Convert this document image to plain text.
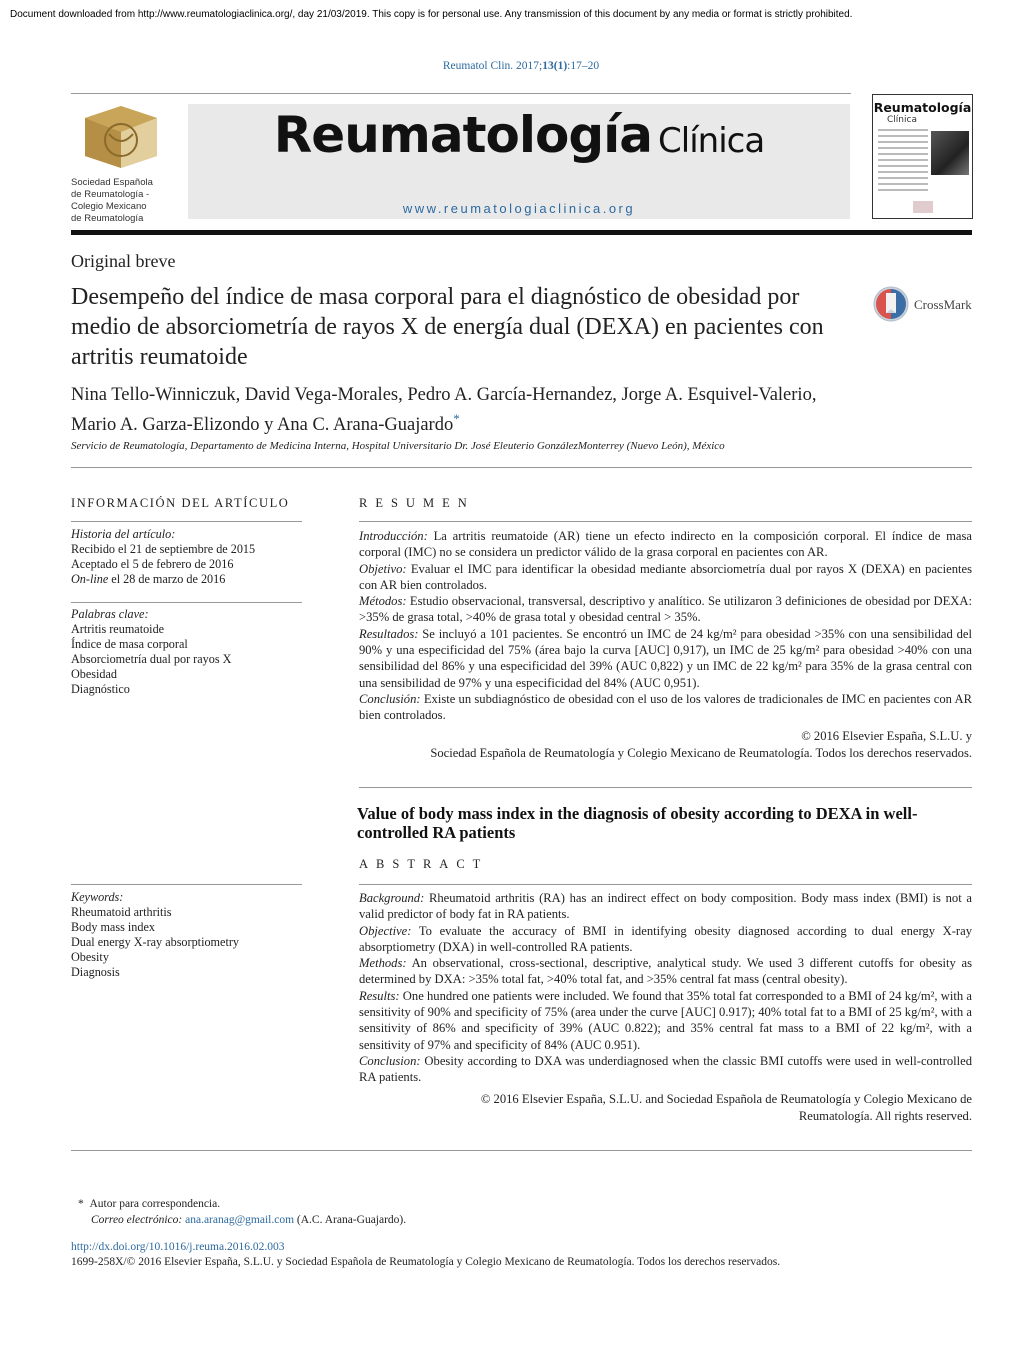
Document downloaded from http://www.reumatologiaclinica.org/, day 21/03/2019. This copy is for personal use. Any transmission of this document by any media or format is strictly prohibited.
Reumatol Clin. 2017;13(1):17–20
Sociedad Española
de Reumatología -
Colegio Mexicano
de Reumatología
Reumatología Clínica
www.reumatologiaclinica.org
Reumatología
Clínica
Original breve
Desempeño del índice de masa corporal para el diagnóstico de obesidad por medio de absorciometría de rayos X de energía dual (DEXA) en pacientes con artritis reumatoide
CrossMark
Nina Tello-Winniczuk, David Vega-Morales, Pedro A. García-Hernandez, Jorge A. Esquivel-Valerio,
Mario A. Garza-Elizondo y Ana C. Arana-Guajardo*
Servicio de Reumatología, Departamento de Medicina Interna, Hospital Universitario Dr. José Eleuterio GonzálezMonterrey (Nuevo León), México
INFORMACIÓN DEL ARTÍCULO
Historia del artículo:
Recibido el 21 de septiembre de 2015
Aceptado el 5 de febrero de 2016
On-line el 28 de marzo de 2016
Palabras clave:
Artritis reumatoide
Índice de masa corporal
Absorciometría dual por rayos X
Obesidad
Diagnóstico
RESUMEN
Introducción: La artritis reumatoide (AR) tiene un efecto indirecto en la composición corporal. El índice de masa corporal (IMC) no se considera un predictor válido de la grasa corporal en pacientes con AR.
Objetivo: Evaluar el IMC para identificar la obesidad mediante absorciometría dual por rayos X (DEXA) en pacientes con AR bien controlados.
Métodos: Estudio observacional, transversal, descriptivo y analítico. Se utilizaron 3 definiciones de obesidad por DEXA: >35% de grasa total, >40% de grasa total y obesidad central > 35%.
Resultados: Se incluyó a 101 pacientes. Se encontró un IMC de 24 kg/m² para obesidad >35% con una sensibilidad del 90% y una especificidad del 75% (área bajo la curva [AUC] 0,917), un IMC de 25 kg/m² para obesidad >40% con una sensibilidad del 86% y una especificidad del 39% (AUC 0,822) y un IMC de 22 kg/m² para 35% de la grasa central con una sensibilidad de 97% y una especificidad del 84% (AUC 0,951).
Conclusión: Existe un subdiagnóstico de obesidad con el uso de los valores de tradicionales de IMC en pacientes con AR bien controlados.
© 2016 Elsevier España, S.L.U. y
Sociedad Española de Reumatología y Colegio Mexicano de Reumatología. Todos los derechos reservados.
Value of body mass index in the diagnosis of obesity according to DEXA in well-controlled RA patients
ABSTRACT
Keywords:
Rheumatoid arthritis
Body mass index
Dual energy X-ray absorptiometry
Obesity
Diagnosis
Background: Rheumatoid arthritis (RA) has an indirect effect on body composition. Body mass index (BMI) is not a valid predictor of body fat in RA patients.
Objective: To evaluate the accuracy of BMI in identifying obesity diagnosed according to dual energy X-ray absorptiometry (DXA) in well-controlled RA patients.
Methods: An observational, cross-sectional, descriptive, analytical study. We used 3 different cutoffs for obesity as determined by DXA: >35% total fat, >40% total fat, and >35% central fat mass (central obesity).
Results: One hundred one patients were included. We found that 35% total fat corresponded to a BMI of 24 kg/m², with a sensitivity of 90% and specificity of 75% (area under the curve [AUC] 0.917); 40% total fat to a BMI of 25 kg/m², with a sensitivity of 86% and specificity of 39% (AUC 0.822); and 35% central fat mass to a BMI of 22 kg/m², with a sensitivity of 97% and specificity of 84% (AUC 0.951).
Conclusion: Obesity according to DXA was underdiagnosed when the classic BMI cutoffs were used in well-controlled RA patients.
© 2016 Elsevier España, S.L.U. and Sociedad Española de Reumatología y Colegio Mexicano de
Reumatología. All rights reserved.
* Autor para correspondencia.
Correo electrónico: ana.aranag@gmail.com (A.C. Arana-Guajardo).
http://dx.doi.org/10.1016/j.reuma.2016.02.003
1699-258X/© 2016 Elsevier España, S.L.U. y Sociedad Española de Reumatología y Colegio Mexicano de Reumatología. Todos los derechos reservados.
